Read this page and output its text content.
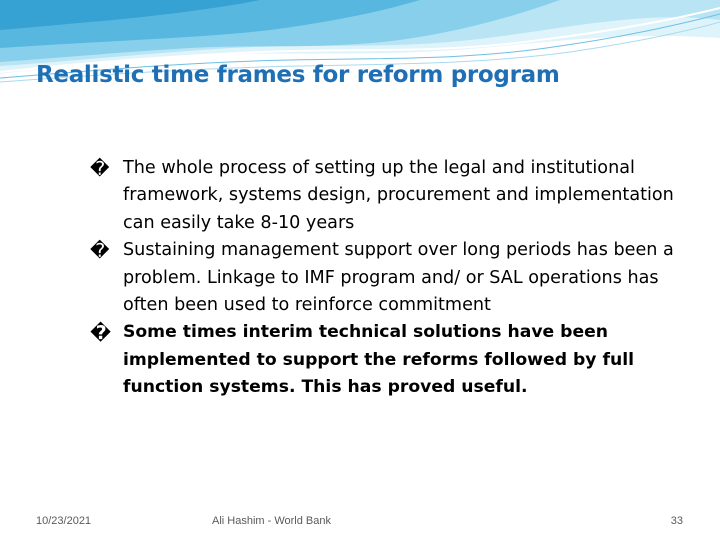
Realistic time frames for reform program
� The whole process of setting up the legal and institutional framework, systems design, procurement and implementation can easily take 8-10 years
� Sustaining management support over long periods has been a problem. Linkage to IMF program and/ or SAL operations has often been used to reinforce commitment
� Some times interim technical solutions have been implemented to support the reforms followed by full function systems. This has proved useful.
10/23/2021	Ali Hashim - World Bank	33
